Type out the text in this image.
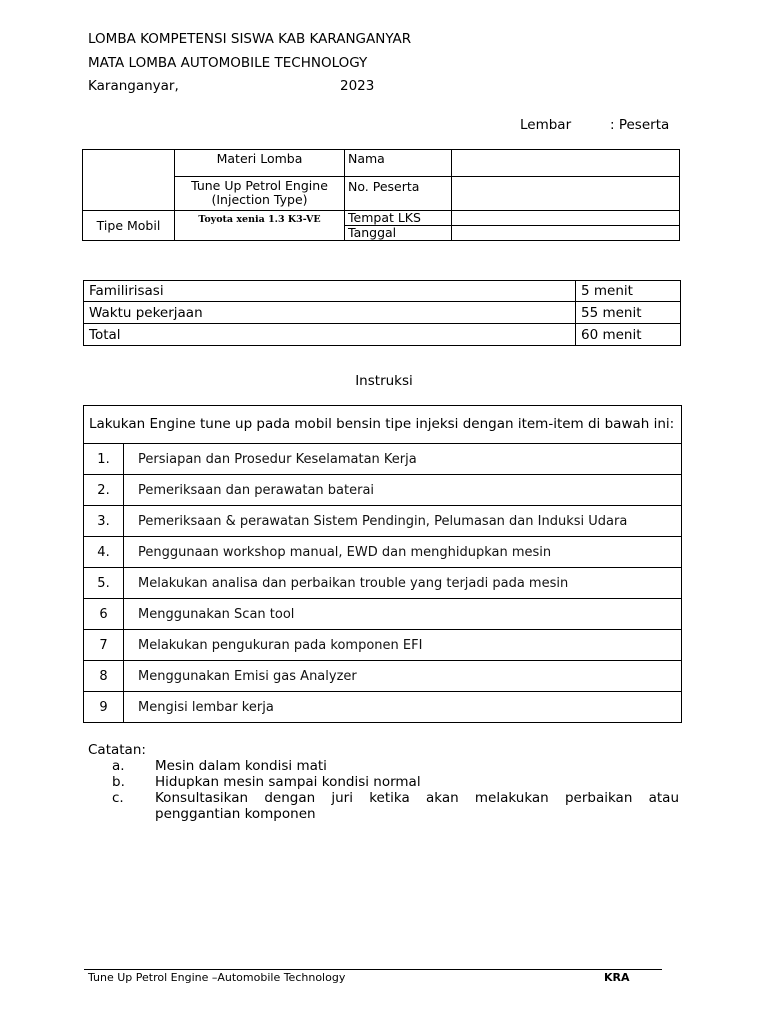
LOMBA KOMPETENSI SISWA KAB KARANGANYAR
MATA LOMBA AUTOMOBILE TECHNOLOGY
Karanganyar,	2023
Lembar	: Peserta
	Materi Lomba	Nama	

	Tune Up Petrol Engine
(Injection Type)	No. Peserta	
Tipe Mobil	Toyota xenia 1.3 K3-VE	Tempat LKS	
		Tanggal	
Familirisasi	5 menit
Waktu pekerjaan	55 menit
Total	60 menit
Instruksi
Lakukan Engine tune up pada mobil bensin tipe injeksi dengan item-item di bawah ini:	
1.	Persiapan dan Prosedur Keselamatan Kerja
2.	Pemeriksaan dan perawatan baterai
3.	Pemeriksaan & perawatan Sistem Pendingin, Pelumasan dan Induksi Udara
4.	Penggunaan workshop manual, EWD dan menghidupkan mesin
5.	Melakukan analisa dan perbaikan trouble yang terjadi pada mesin
6	Menggunakan Scan tool
7	Melakukan pengukuran pada komponen EFI
8	Menggunakan Emisi gas Analyzer
9	Mengisi lembar kerja
Catatan:
a. Mesin dalam kondisi mati
b. Hidupkan mesin sampai kondisi normal
c. Konsultasikan dengan juri ketika akan melakukan perbaikan atau penggantian komponen
Tune Up Petrol Engine –Automobile Technology	KRA
